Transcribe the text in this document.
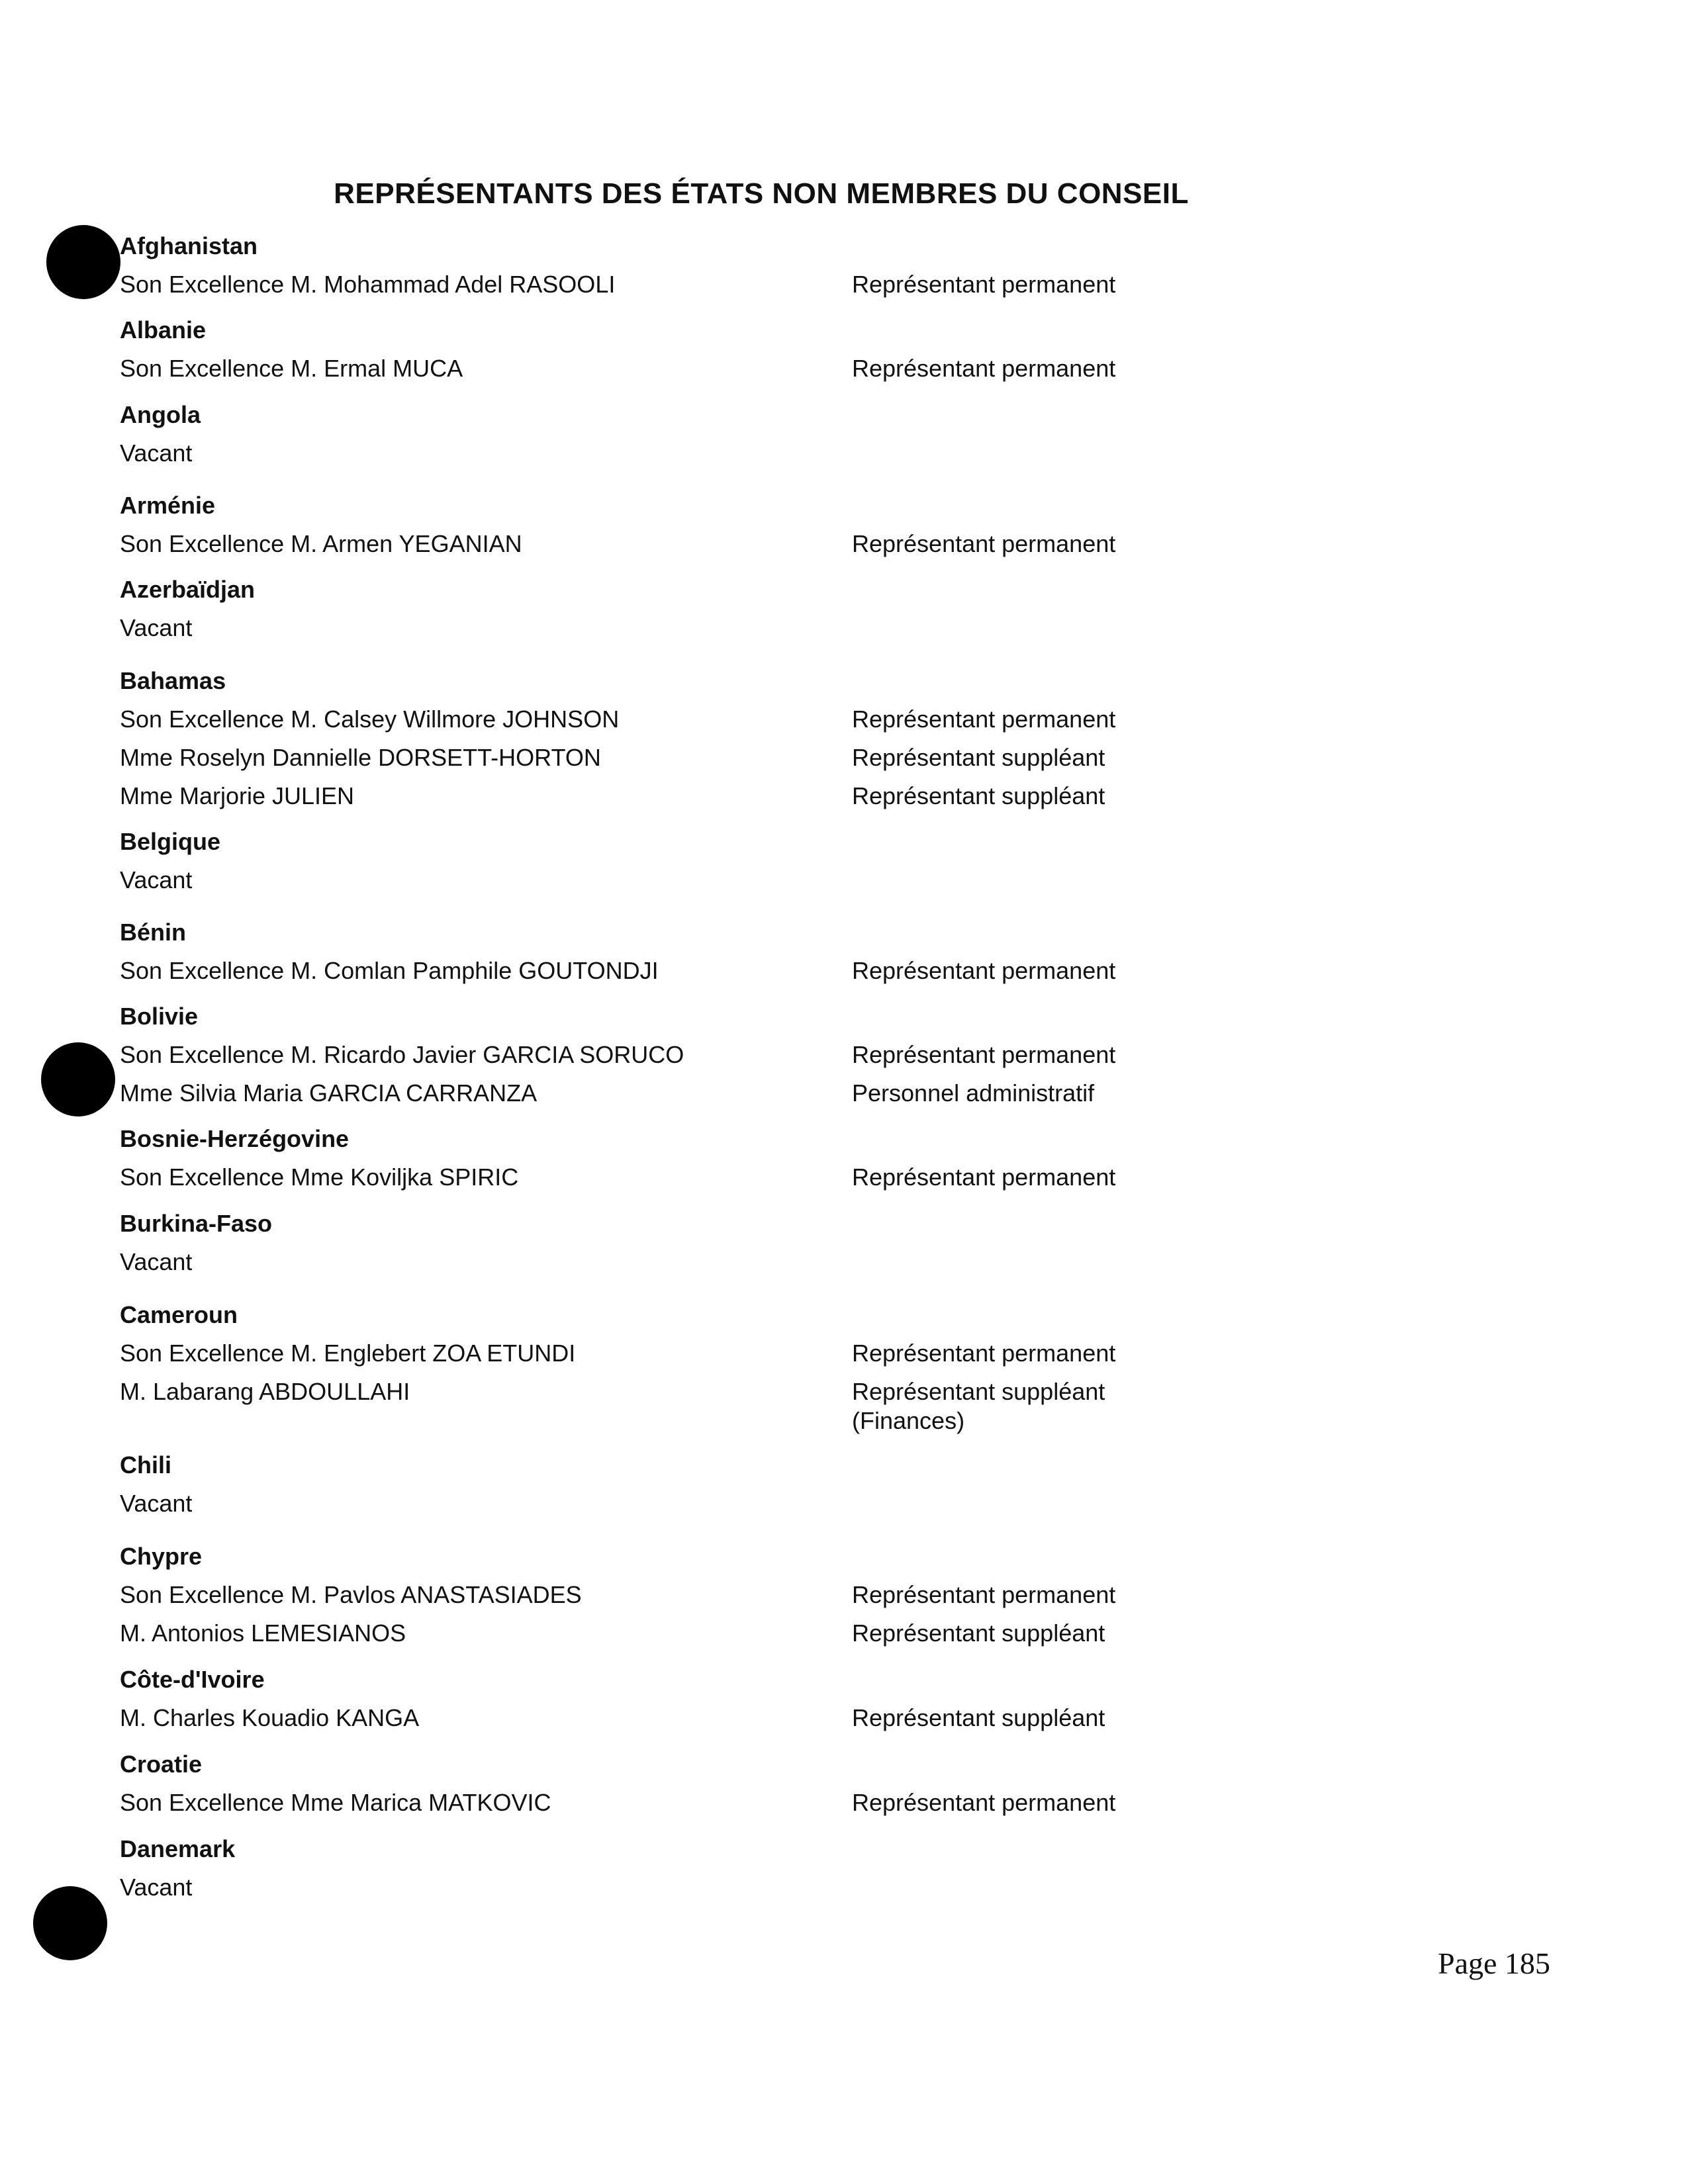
REPRÉSENTANTS DES ÉTATS NON MEMBRES DU CONSEIL
Afghanistan
Son Excellence M. Mohammad Adel RASOOLI	Représentant permanent
Albanie
Son Excellence M. Ermal MUCA	Représentant permanent
Angola
Vacant
Arménie
Son Excellence M. Armen YEGANIAN	Représentant permanent
Azerbaïdjan
Vacant
Bahamas
Son Excellence M. Calsey Willmore JOHNSON	Représentant permanent
Mme Roselyn Dannielle DORSETT-HORTON	Représentant suppléant
Mme Marjorie JULIEN	Représentant suppléant
Belgique
Vacant
Bénin
Son Excellence M. Comlan Pamphile GOUTONDJI	Représentant permanent
Bolivie
Son Excellence M. Ricardo Javier GARCIA SORUCO	Représentant permanent
Mme Silvia Maria GARCIA CARRANZA	Personnel administratif
Bosnie-Herzégovine
Son Excellence Mme Koviljka SPIRIC	Représentant permanent
Burkina-Faso
Vacant
Cameroun
Son Excellence M. Englebert ZOA ETUNDI	Représentant permanent
M. Labarang ABDOULLAHI	Représentant suppléant
(Finances)
Chili
Vacant
Chypre
Son Excellence M. Pavlos ANASTASIADES	Représentant permanent
M. Antonios LEMESIANOS	Représentant suppléant
Côte-d'Ivoire
M. Charles Kouadio KANGA	Représentant suppléant
Croatie
Son Excellence Mme Marica MATKOVIC	Représentant permanent
Danemark
Vacant
Page 185
